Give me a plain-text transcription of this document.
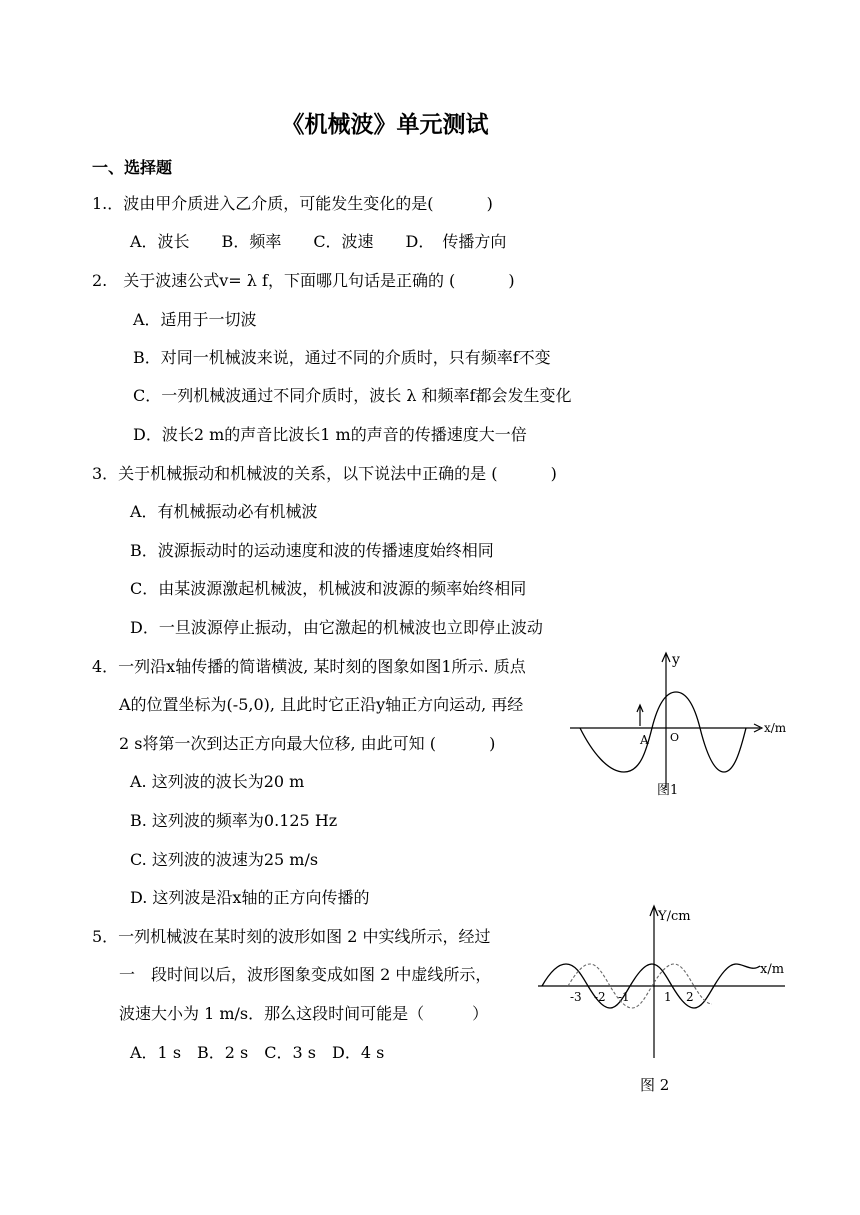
《机械波》单元测试
一、选择题
1.．波由甲介质进入乙介质，可能发生变化的是(　　　 )
A．波长　　B．频率　　C．波速　　D．　传播方向
2.　关于波速公式v= λ f，下面哪几句话是正确的 (　　　 )
A．适用于一切波
B．对同一机械波来说，通过不同的介质时，只有频率f不变
C．一列机械波通过不同介质时，波长 λ 和频率f都会发生变化
D．波长2 m的声音比波长1 m的声音的传播速度大一倍
3．关于机械振动和机械波的关系，以下说法中正确的是 (　　　 )
A．有机械振动必有机械波
B．波源振动时的运动速度和波的传播速度始终相同
C．由某波源激起机械波，机械波和波源的频率始终相同
D．一旦波源停止振动，由它激起的机械波也立即停止波动
4．一列沿x轴传播的简谐横波, 某时刻的图象如图1所示. 质点
A的位置坐标为(-5,0), 且此时它正沿y轴正方向运动, 再经
2 s将第一次到达正方向最大位移, 由此可知 (　　　 )
A. 这列波的波长为20 m
B. 这列波的频率为0.125 Hz
C. 这列波的波速为25 m/s
D. 这列波是沿x轴的正方向传播的
5．一列机械波在某时刻的波形如图 2 中实线所示，经过
一　段时间以后，波形图象变成如图 2 中虚线所示，
波速大小为 1 m/s．那么这段时间可能是（　　　）
A．1 s　B．2 s　C．3 s　D．4 s
y
x/m
A O
图1
Y/cm
x/m
-3 -2 -1	1 2
图 2
